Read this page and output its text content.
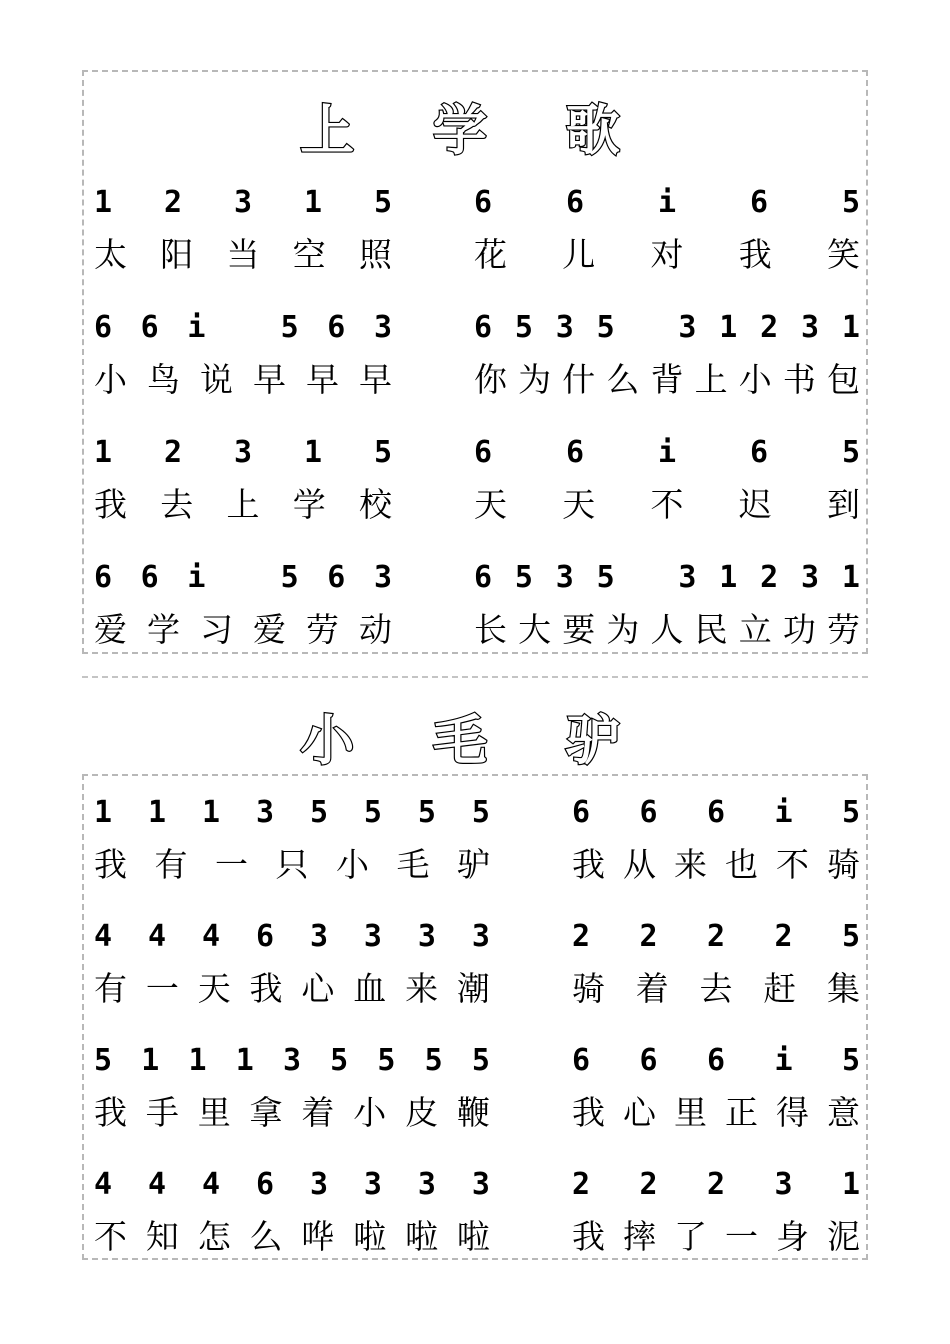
上 学 歌
1 2 3 1 5
太 阳 当 空 照
6 6 i 6 5
花 儿 对 我 笑
6 6 i
	5 6 3
小 鸟 说 早 早 早
6 5 3 5
3 1 2 3 1
你 为 什 么 背 上 小 书 包
1 2 3 1 5
我 去 上 学 校
6 6 i 6 5
天 天 不 迟 到
6 6 i
	5 6 3
爱 学 习 爱 劳 动
6 5 3 5
3 1 2 3 1
长 大 要 为 人 民 立 功 劳
小 毛 驴
1 1 1 3 5 5 5 5
我 有 一 只 小 毛 驴
6 6 6 i 5
我 从 来 也 不 骑
4 4 4 6 3 3 3 3
有 一 天 我 心 血 来 潮
2 2 2 2 5
骑 着 去 赶 集
5 1 1 1 3 5 5 5 5
我 手 里 拿 着 小 皮 鞭
6 6 6 i 5
我 心 里 正 得 意
4 4 4 6 3 3 3 3
不 知 怎 么 哗 啦 啦 啦
2 2 2 3 1
我 摔 了 一 身 泥
